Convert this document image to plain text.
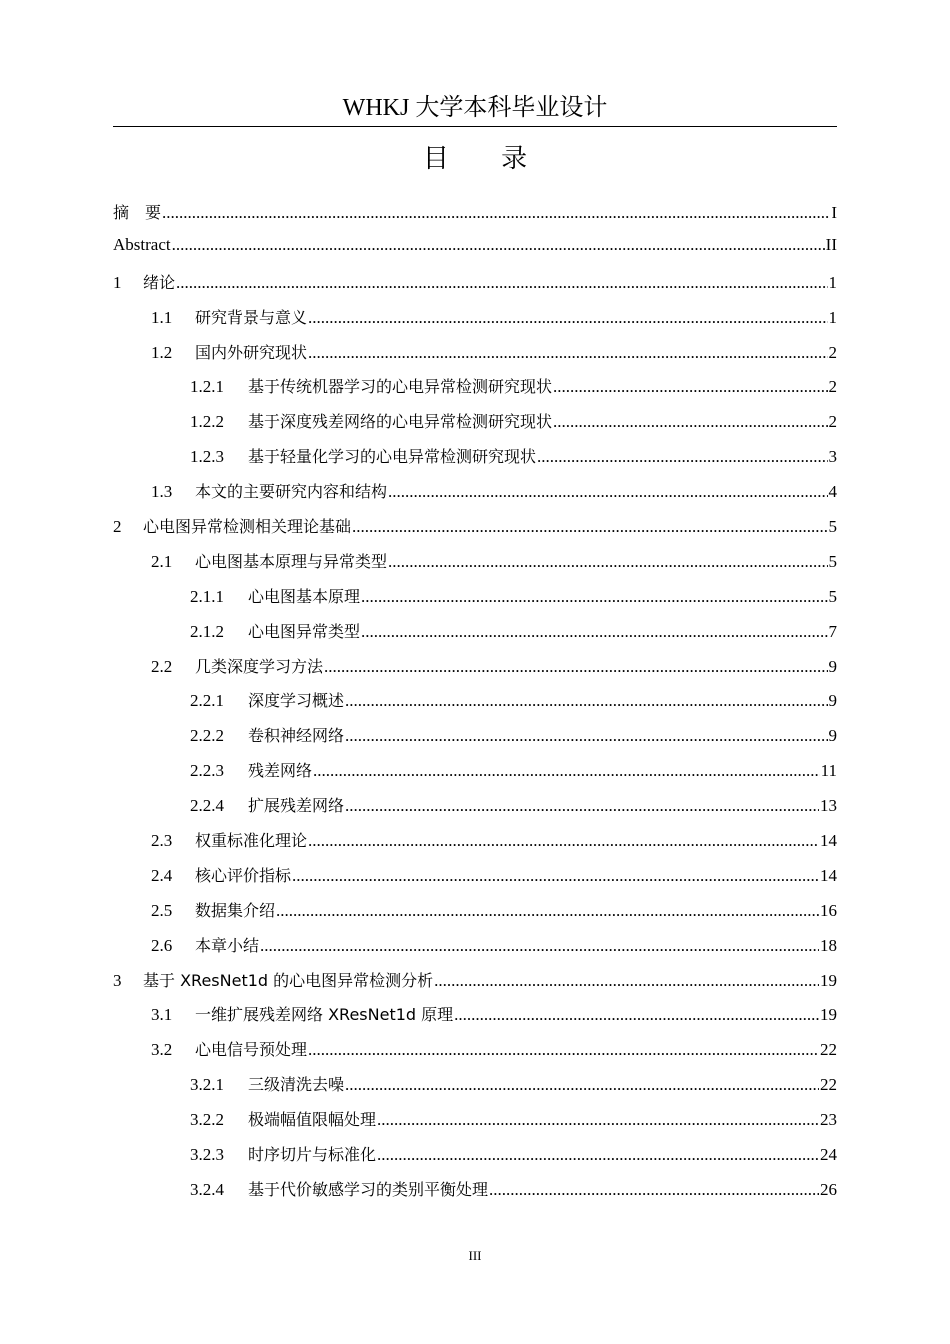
WHKJ 大学本科毕业设计
目 录
摘　要 .....	I
Abstract .....	II
1	绪论 .....	1
1.1	研究背景与意义 .....	1
1.2	国内外研究现状 .....	2
1.2.1	基于传统机器学习的心电异常检测研究现状 .....	2
1.2.2	基于深度残差网络的心电异常检测研究现状 .....	2
1.2.3	基于轻量化学习的心电异常检测研究现状 .....	3
1.3	本文的主要研究内容和结构 .....	4
2	心电图异常检测相关理论基础 .....	5
2.1	心电图基本原理与异常类型 .....	5
2.1.1	心电图基本原理 .....	5
2.1.2	心电图异常类型 .....	7
2.2	几类深度学习方法 .....	9
2.2.1	深度学习概述 .....	9
2.2.2	卷积神经网络 .....	9
2.2.3	残差网络 .....	11
2.2.4	扩展残差网络 .....	13
2.3	权重标准化理论 .....	14
2.4	核心评价指标 .....	14
2.5	数据集介绍 .....	16
2.6	本章小结 .....	18
3	基于 XResNet1d 的心电图异常检测分析 .....	19
3.1	一维扩展残差网络 XResNet1d 原理 .....	19
3.2	心电信号预处理 .....	22
3.2.1	三级清洗去噪 .....	22
3.2.2	极端幅值限幅处理 .....	23
3.2.3	时序切片与标准化 .....	24
3.2.4	基于代价敏感学习的类别平衡处理 .....	26
III
